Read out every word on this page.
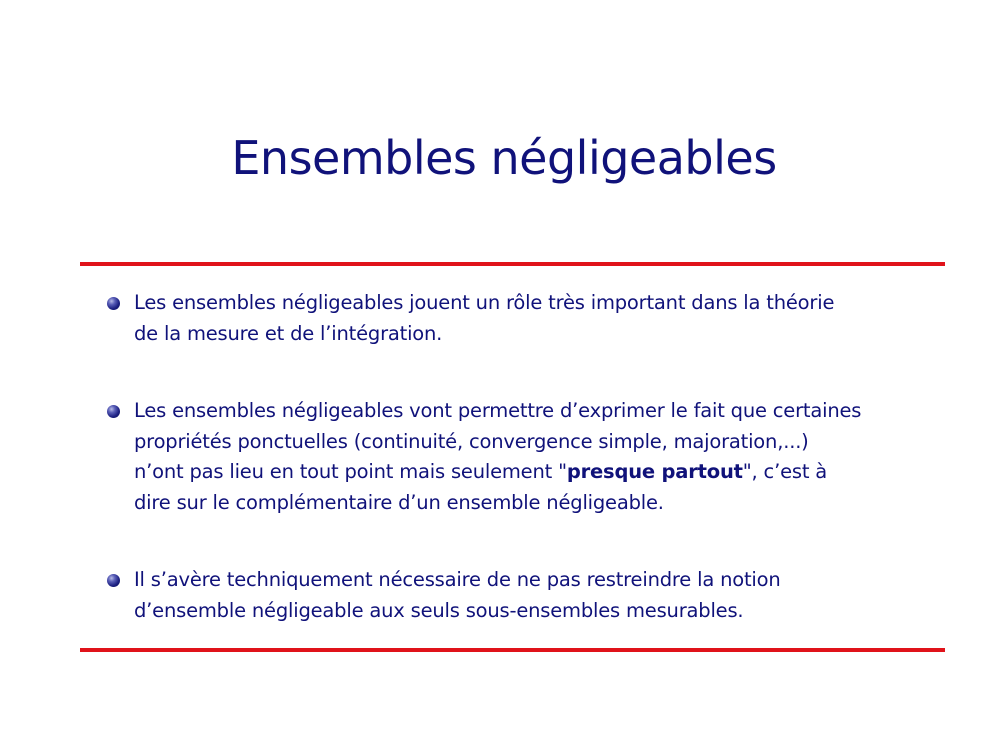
Ensembles négligeables
Les ensembles négligeables jouent un rôle très important dans la théorie
de la mesure et de l’intégration.
Les ensembles négligeables vont permettre d’exprimer le fait que certaines
propriétés ponctuelles (continuité, convergence simple, majoration,...)
n’ont pas lieu en tout point mais seulement "presque partout", c’est à
dire sur le complémentaire d’un ensemble négligeable.
Il s’avère techniquement nécessaire de ne pas restreindre la notion
d’ensemble négligeable aux seuls sous-ensembles mesurables.
